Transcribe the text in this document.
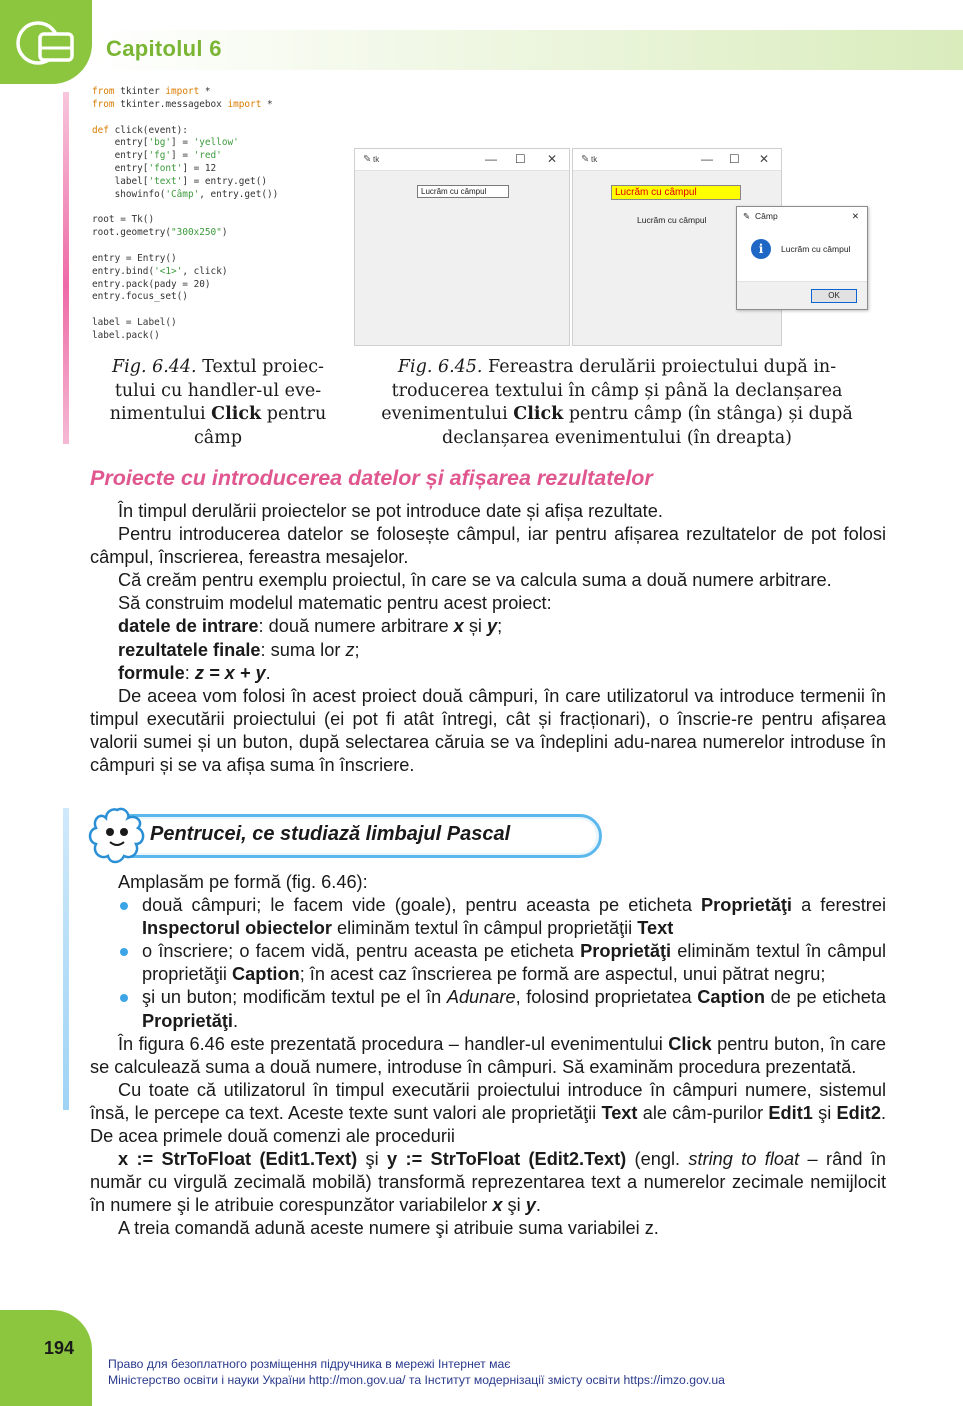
Capitolul 6
from tkinter import *
from tkinter.messagebox import *
def click(event):
entry['bg'] = 'yellow'
entry['fg'] = 'red'
entry['font'] = 12
label['text'] = entry.get()
showinfo('Câmp', entry.get())
root = Tk()
root.geometry("300x250")
entry = Entry()
entry.bind('<1>', click)
entry.pack(pady = 20)
entry.focus_set()
label = Label()
label.pack()
✎ tk	— ☐ ✕
Lucrăm cu câmpul
✎ tk	— ☐ ✕
Lucrăm cu câmpul
Lucrăm cu câmpul	✎ Câmp	✕
i	Lucrăm cu câmpul
OK
Fig. 6.44. Textul proiec-
tului cu handler-ul eve-
nimentului Click pentru
câmp
Fig. 6.45. Fereastra derulării proiectului după in-
troducerea textului în câmp și până la declanșarea
evenimentului Click pentru câmp (în stânga) și după
declanșarea evenimentului (în dreapta)
Proiecte cu introducerea datelor și afișarea rezultatelor

În timpul derulării proiectelor se pot introduce date și afișa rezultate.

Pentru introducerea datelor se folosește câmpul, iar pentru afișarea rezultatelor de pot folosi câmpul, înscrierea, fereastra mesajelor.

Că creăm pentru exemplu proiectul, în care se va calcula suma a două numere arbitrare.

Să construim modelul matematic pentru acest proiect:

datele de intrare: două numere arbitrare x și y;

rezultatele finale: suma lor z;

formule: z = x + y.

De aceea vom folosi în acest proiect două câmpuri, în care utilizatorul va introduce termenii în timpul executării proiectului (ei pot fi atât întregi, cât și fracționari), o înscrie-re pentru afișarea valorii sumei și un buton, după selectarea căruia se va îndeplini adu-narea numerelor introduse în câmpuri și se va afișa suma în înscriere.

Pentrucei, ce studiază limbajul Pascal

Amplasăm pe formă (fig. 6.46):

două câmpuri; le facem vide (goale), pentru aceasta pe eticheta Proprietăţi a ferestrei Inspectorul obiectelor eliminăm textul în câmpul proprietăţii Text

o înscriere; o facem vidă, pentru aceasta pe eticheta Proprietăţi eliminăm textul în câmpul proprietăţii Caption; în acest caz înscrierea pe formă are aspectul, unui pătrat negru;

şi un buton; modificăm textul pe el în Adunare, folosind proprietatea Caption de pe eticheta Proprietăţi.

În figura 6.46 este prezentată procedura – handler-ul evenimentului Click pentru buton, în care se calculează suma a două numere, introduse în câmpuri. Să examinăm procedura prezentată.

Cu toate că utilizatorul în timpul executării proiectului introduce în câmpuri numere, sistemul însă, le percepe ca text. Aceste texte sunt valori ale proprietăţii Text ale câm-purilor Edit1 şi Edit2. De acea primele două comenzi ale procedurii

x := StrToFloat (Edit1.Text) şi y := StrToFloat (Edit2.Text) (engl. string to float – rând în număr cu virgulă zecimală mobilă) transformă reprezentarea text a numerelor zecimale nemijlocit în numere şi le atribuie corespunzător variabilelor x şi y.

A treia comandă adună aceste numere şi atribuie suma variabilei z.

194
Право для безоплатного розміщення підручника в мережі Інтернет має
Міністерство освіти і науки України http://mon.gov.ua/ та Інститут модернізації змісту освіти https://imzo.gov.ua
